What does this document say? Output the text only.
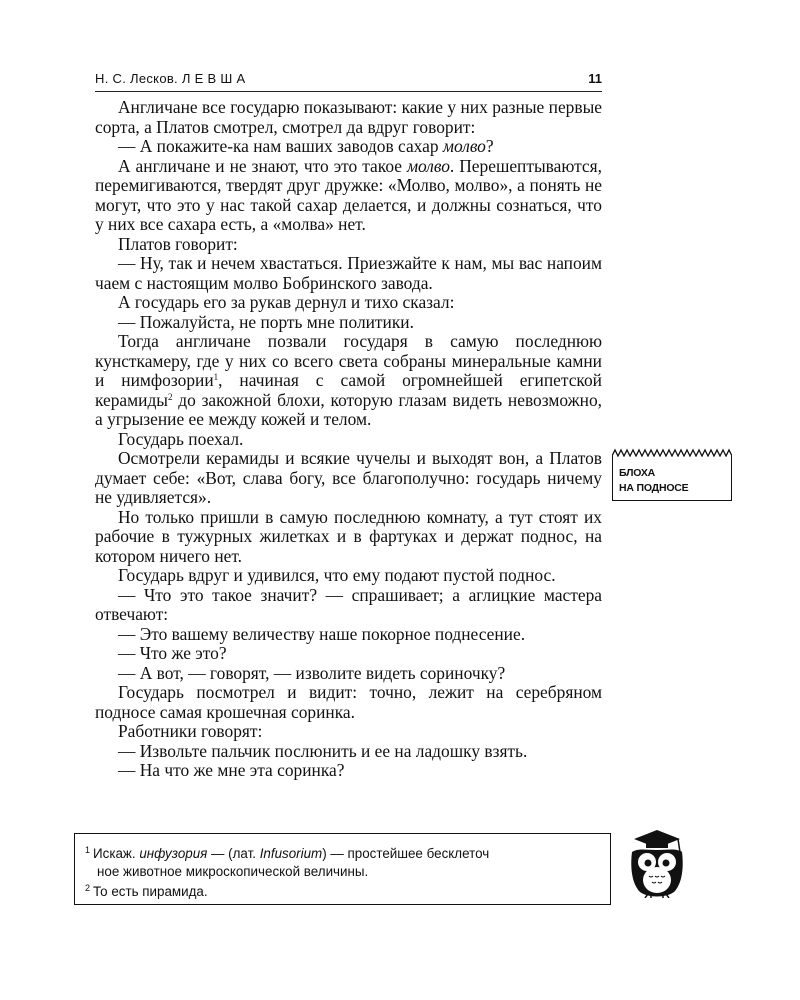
Н. С. Лесков. Л Е В Ш А	11

Англичане все государю показывают: какие у них разные первые сорта, а Платов смотрел, смотрел да вдруг говорит:

— А покажите-ка нам ваших заводов сахар молво?

А англичане и не знают, что это такое молво. Перешептываются, перемигиваются, твердят друг дружке: «Молво, молво», а понять не могут, что это у нас такой сахар делается, и должны сознаться, что у них все сахара есть, а «молва» нет.

Платов говорит:

— Ну, так и нечем хвастаться. Приезжайте к нам, мы вас напоим чаем с настоящим молво Бобринского завода.

А государь его за рукав дернул и тихо сказал:

— Пожалуйста, не порть мне политики.

Тогда англичане позвали государя в самую последнюю кунсткамеру, где у них со всего света собраны минеральные камни и нимфозории$^1$, начиная с самой огромнейшей египетской керамиды$^2$ до закожной блохи, которую глазам видеть невозможно, а угрызение ее между кожей и телом.

Государь поехал.

Осмотрели керамиды и всякие чучелы и выходят вон, а Платов думает себе: «Вот, слава богу, все благополучно: государь ничему не удивляется».

Но только пришли в самую последнюю комнату, а тут стоят их рабочие в тужурных жилетках и в фартуках и держат поднос, на котором ничего нет.

Государь вдруг и удивился, что ему подают пустой поднос.

— Что это такое значит? — спрашивает; а аглицкие мастера отвечают:

— Это вашему величеству наше покорное поднесение.

— Что же это?

— А вот, — говорят, — изволите видеть сориночку?

Государь посмотрел и видит: точно, лежит на серебряном подносе самая крошечная соринка.

Работники говорят:

— Извольте пальчик послюнить и ее на ладошку взять.

— На что же мне эта соринка?

БЛОХА
НА ПОДНОСЕ

$^1$ Искаж. инфузория — (лат. Infusorium) — простейшее бесклеточ
ное животное микроскопической величины.

$^2$ То есть пирамида.
